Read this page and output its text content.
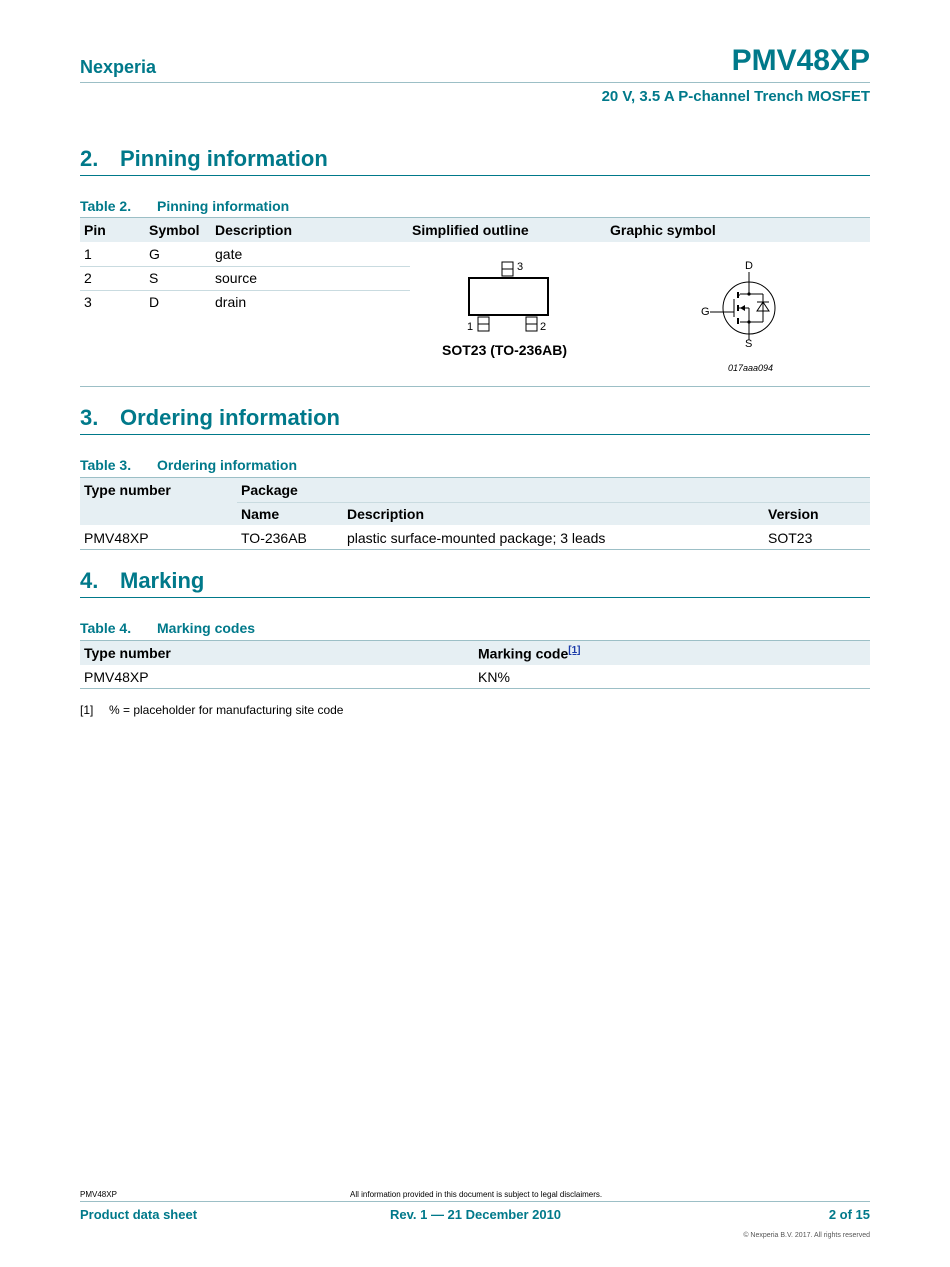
Nexperia	PMV48XP
20 V, 3.5 A P-channel Trench MOSFET
2. Pinning information
Table 2. Pinning information
Pin	Symbol Description	Simplified outline	Graphic symbol
1	G	gate
2	S	source
3	D	drain
3
1	2
SOT23 (TO-236AB)
D
G
S
017aaa094
3. Ordering information
Table 3. Ordering information
Type number	Package
Name	Description	Version
PMV48XP	TO-236AB	plastic surface-mounted package; 3 leads	SOT23
4. Marking
Table 4. Marking codes
Type number	Marking code[1]
PMV48XP	KN%
[1] % = placeholder for manufacturing site code
PMV48XP	All information provided in this document is subject to legal disclaimers.
Product data sheet	Rev. 1 — 21 December 2010	2 of 15
© Nexperia B.V. 2017. All rights reserved
